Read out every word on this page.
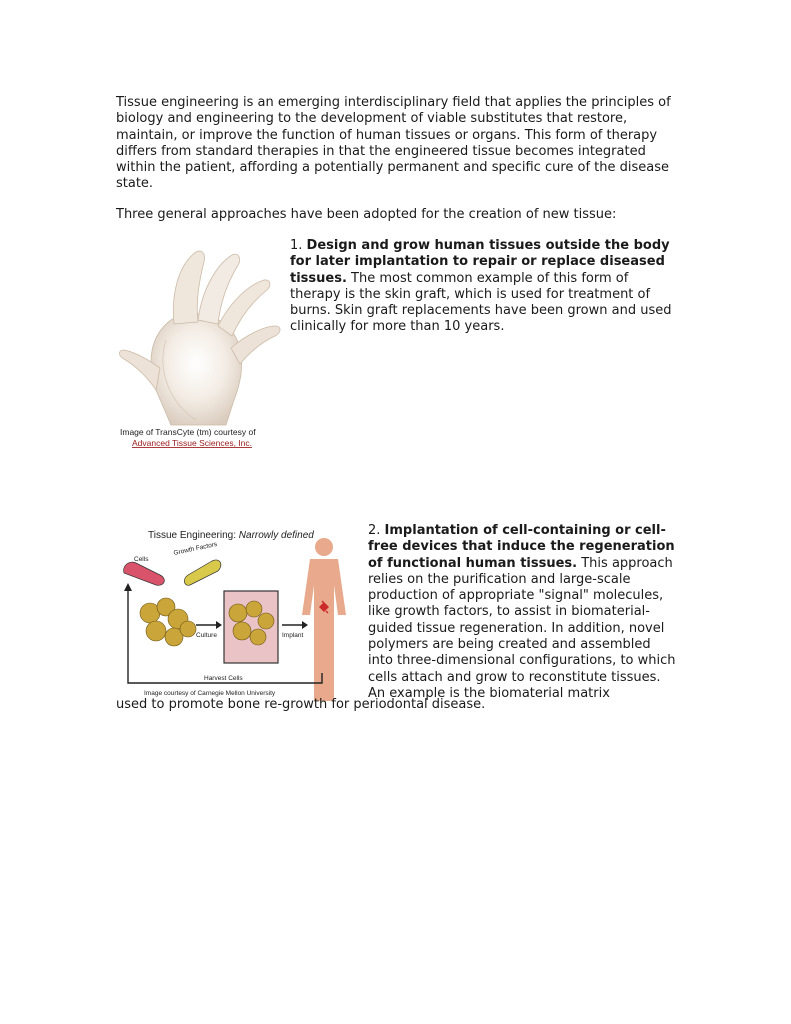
Tissue engineering is an emerging interdisciplinary field that applies the principles of biology and engineering to the development of viable substitutes that restore, maintain, or improve the function of human tissues or organs. This form of therapy differs from standard therapies in that the engineered tissue becomes integrated within the patient, affording a potentially permanent and specific cure of the disease state.

Three general approaches have been adopted for the creation of new tissue:

Image of TransCyte (tm) courtesy of
Advanced Tissue Sciences, Inc.
1. Design and grow human tissues outside the body for later implantation to repair or replace diseased tissues. The most common example of this form of therapy is the skin graft, which is used for treatment of burns. Skin graft replacements have been grown and used clinically for more than 10 years.
Tissue Engineering: Narrowly defined
Cells
Growth Factors
Culture	Implant
Harvest Cells
Image courtesy of Carnegie Mellon University
2. Implantation of cell-containing or cell-free devices that induce the regeneration of functional human tissues. This approach relies on the purification and large-scale production of appropriate "signal" molecules, like growth factors, to assist in biomaterial-guided tissue regeneration. In addition, novel polymers are being created and assembled into three-dimensional configurations, to which cells attach and grow to reconstitute tissues. An example is the biomaterial matrix
used to promote bone re-growth for periodontal disease.
